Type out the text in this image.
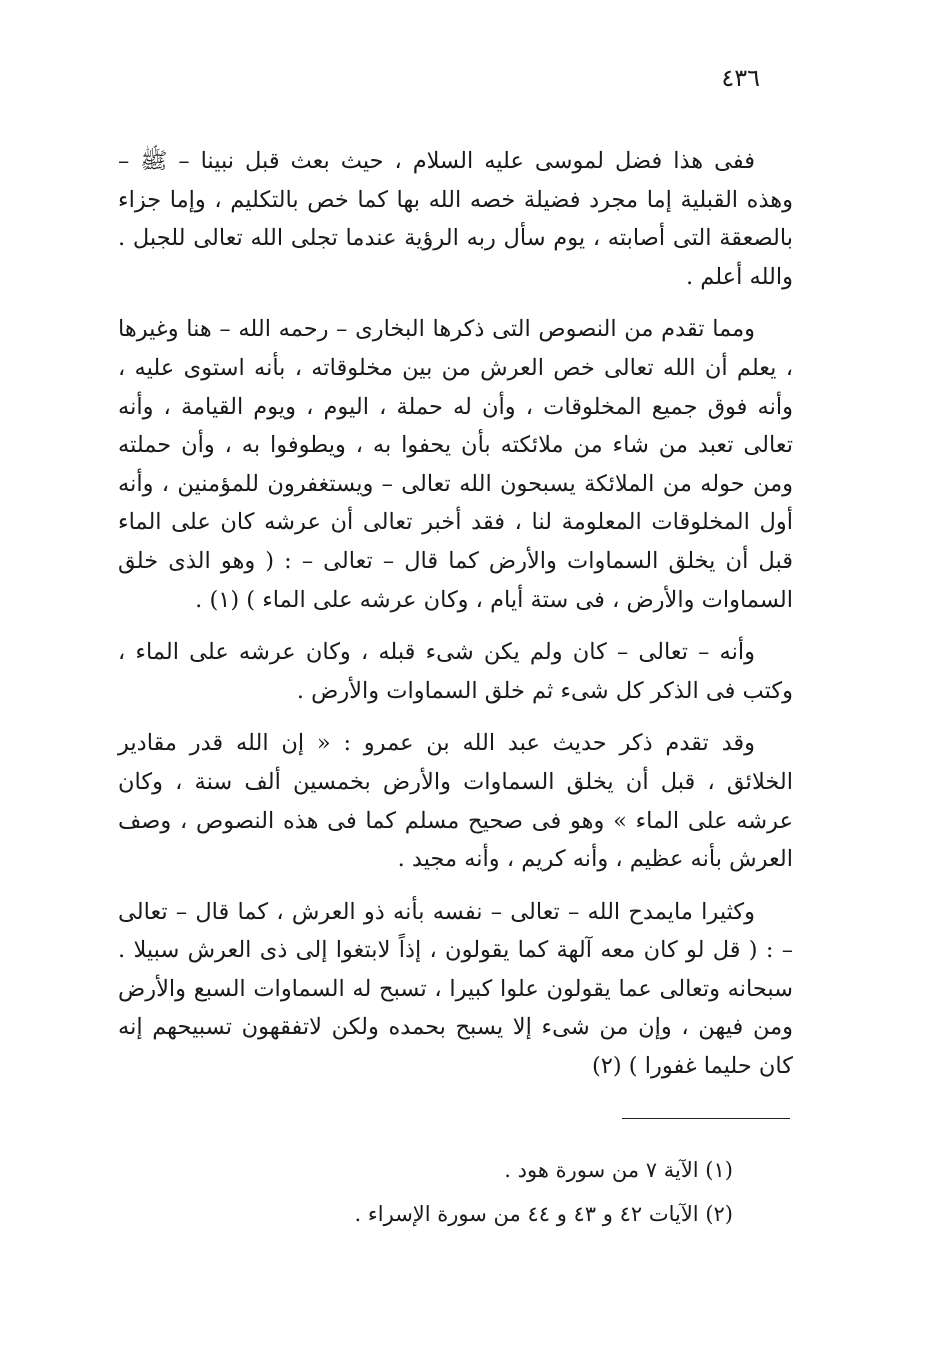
٤٣٦

ففى هذا فضل لموسى عليه السلام ، حيث بعث قبل نبينا – ﷺ – وهذه القبلية إما مجرد فضيلة خصه الله بها كما خص بالتكليم ، وإما جزاء بالصعقة التى أصابته ، يوم سأل ربه الرؤية عندما تجلى الله تعالى للجبل . والله أعلم .

ومما تقدم من النصوص التى ذكرها البخارى – رحمه الله – هنا وغيرها ، يعلم أن الله تعالى خص العرش من بين مخلوقاته ، بأنه استوى عليه ، وأنه فوق جميع المخلوقات ، وأن له حملة ، اليوم ، ويوم القيامة ، وأنه تعالى تعبد من شاء من ملائكته بأن يحفوا به ، ويطوفوا به ، وأن حملته ومن حوله من الملائكة يسبحون الله تعالى – ويستغفرون للمؤمنين ، وأنه أول المخلوقات المعلومة لنا ، فقد أخبر تعالى أن عرشه كان على الماء قبل أن يخلق السماوات والأرض كما قال – تعالى – : ( وهو الذى خلق السماوات والأرض ، فى ستة أيام ، وكان عرشه على الماء ) (١) .

وأنه – تعالى – كان ولم يكن شىء قبله ، وكان عرشه على الماء ، وكتب فى الذكر كل شىء ثم خلق السماوات والأرض .

وقد تقدم ذكر حديث عبد الله بن عمرو : « إن الله قدر مقادير الخلائق ، قبل أن يخلق السماوات والأرض بخمسين ألف سنة ، وكان عرشه على الماء » وهو فى صحيح مسلم كما فى هذه النصوص ، وصف العرش بأنه عظيم ، وأنه كريم ، وأنه مجيد .

وكثيرا مايمدح الله – تعالى – نفسه بأنه ذو العرش ، كما قال – تعالى – : ( قل لو كان معه آلهة كما يقولون ، إذاً لابتغوا إلى ذى العرش سبيلا . سبحانه وتعالى عما يقولون علوا كبيرا ، تسبح له السماوات السبع والأرض ومن فيهن ، وإن من شىء إلا يسبح بحمده ولكن لاتفقهون تسبيحهم إنه كان حليما غفورا ) (٢)

(١) الآية ٧ من سورة هود .
(٢) الآيات ٤٢ و ٤٣ و ٤٤ من سورة الإسراء .
